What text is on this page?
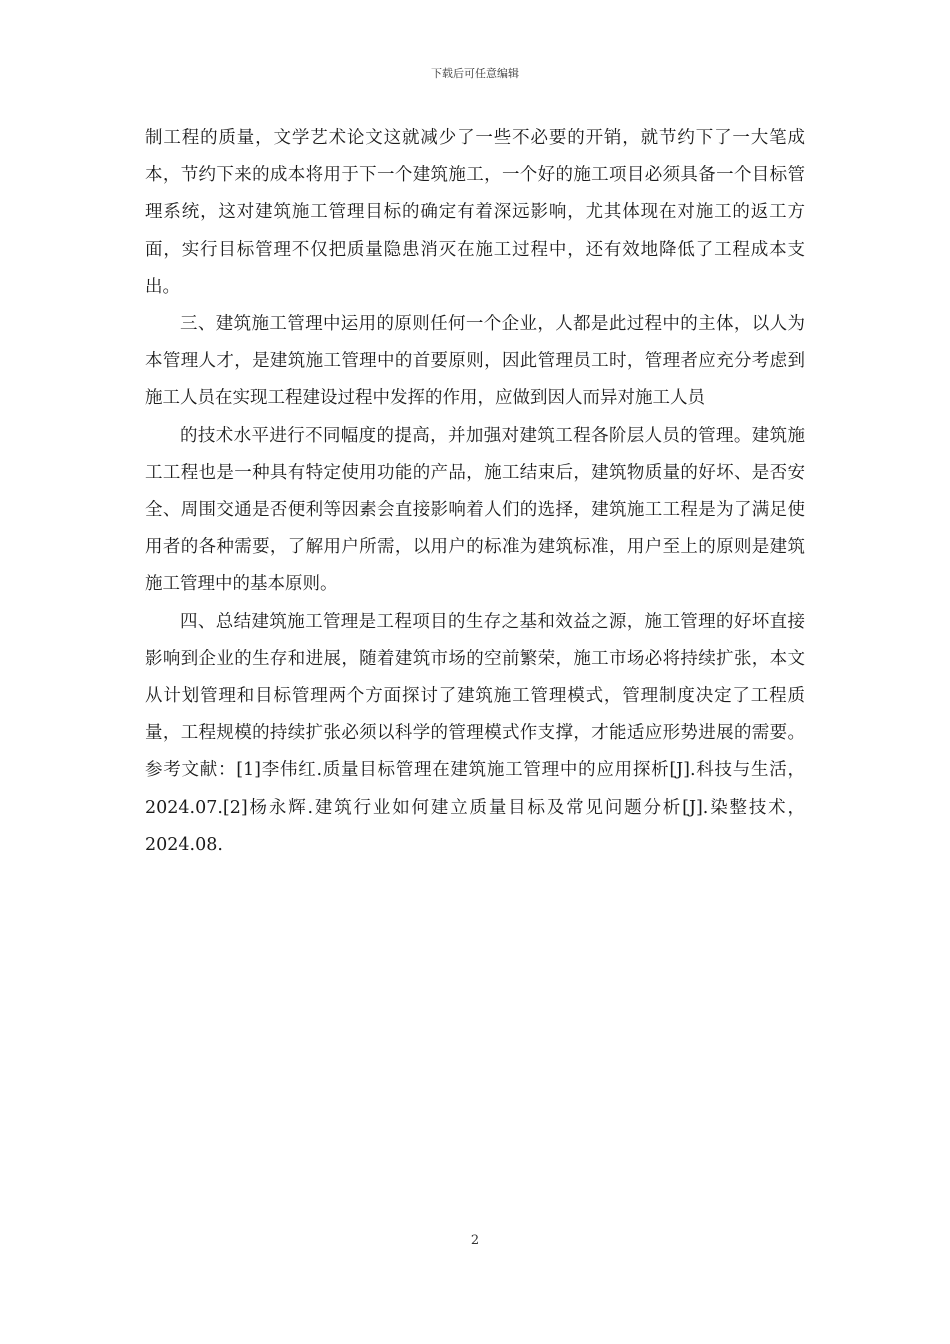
下载后可任意编辑

制工程的质量，文学艺术论文这就减少了一些不必要的开销，就节约下了一大笔成本，节约下来的成本将用于下一个建筑施工，一个好的施工项目必须具备一个目标管理系统，这对建筑施工管理目标的确定有着深远影响，尤其体现在对施工的返工方面，实行目标管理不仅把质量隐患消灭在施工过程中，还有效地降低了工程成本支出。

三、建筑施工管理中运用的原则任何一个企业，人都是此过程中的主体，以人为本管理人才，是建筑施工管理中的首要原则，因此管理员工时，管理者应充分考虑到施工人员在实现工程建设过程中发挥的作用，应做到因人而异对施工人员

的技术水平进行不同幅度的提高，并加强对建筑工程各阶层人员的管理。建筑施工工程也是一种具有特定使用功能的产品，施工结束后，建筑物质量的好坏、是否安全、周围交通是否便利等因素会直接影响着人们的选择，建筑施工工程是为了满足使用者的各种需要，了解用户所需，以用户的标准为建筑标准，用户至上的原则是建筑施工管理中的基本原则。

四、总结建筑施工管理是工程项目的生存之基和效益之源，施工管理的好坏直接影响到企业的生存和进展，随着建筑市场的空前繁荣，施工市场必将持续扩张，本文从计划管理和目标管理两个方面探讨了建筑施工管理模式，管理制度决定了工程质量，工程规模的持续扩张必须以科学的管理模式作支撑，才能适应形势进展的需要。参考文献：[1]李伟红.质量目标管理在建筑施工管理中的应用探析[J].科技与生活，2024.07.[2]杨永辉.建筑行业如何建立质量目标及常见问题分析[J].染整技术，2024.08.

2
